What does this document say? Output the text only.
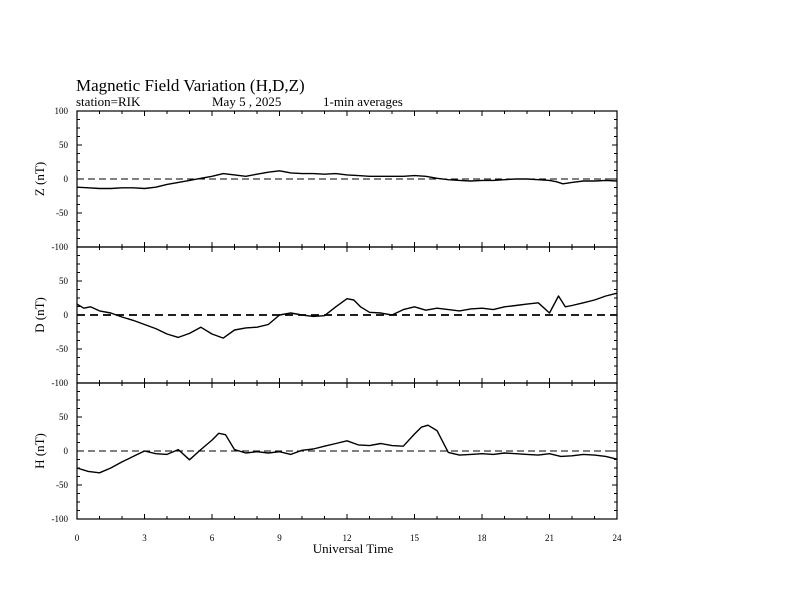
Magnetic Field Variation (H,D,Z)
station=RIK	May 5 , 2025	1-min averages
100
50
0
-50
-100
Z (nT)
50
0
-50
-100
D (nT)
50
0
-50
-100
H (nT)
0	3	6	9	12	15	18	21	24
Universal Time
